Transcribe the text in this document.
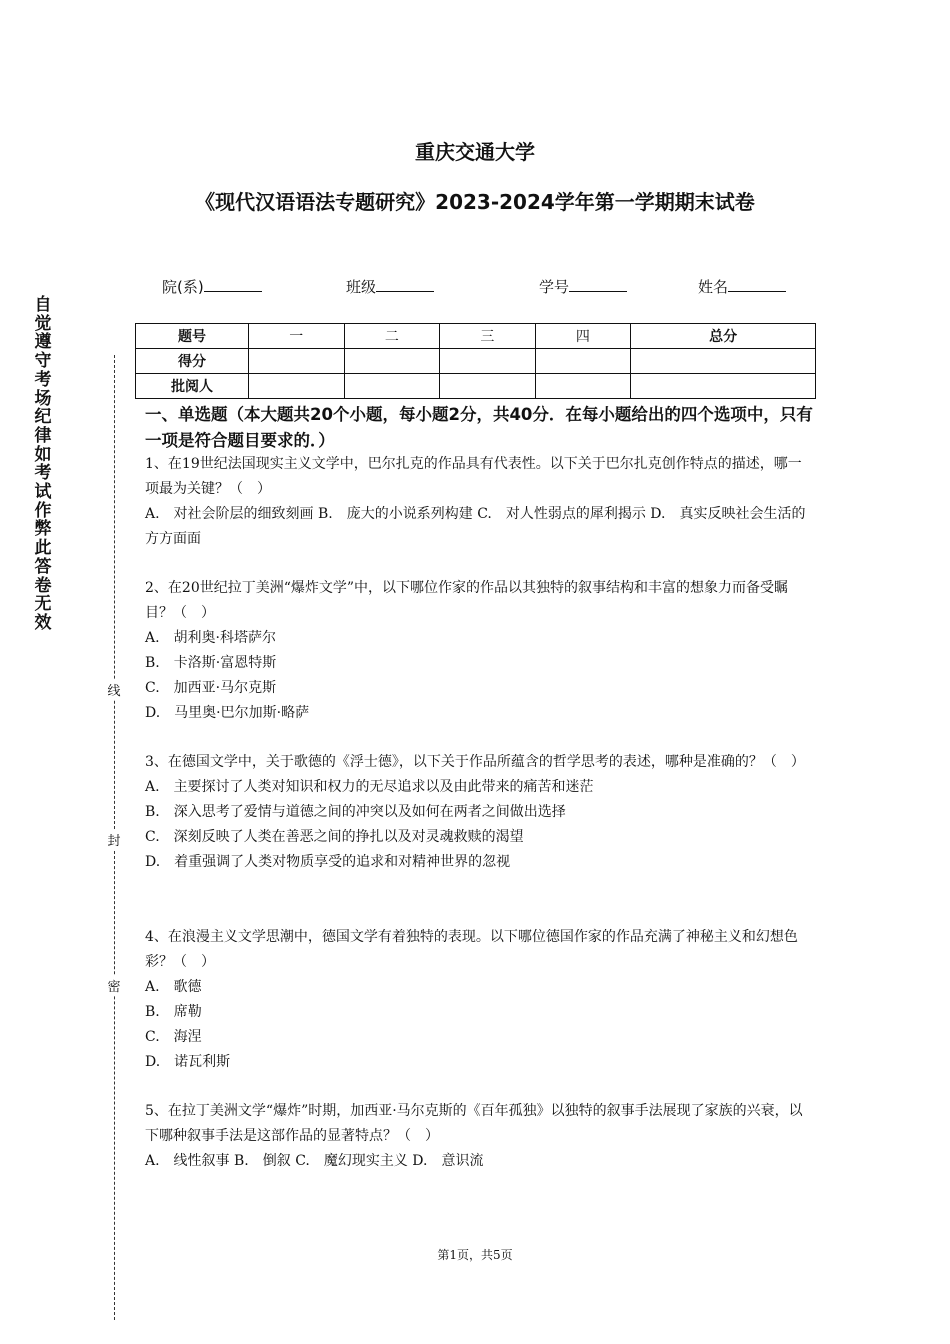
重庆交通大学
《现代汉语语法专题研究》2023-2024学年第一学期期末试卷
院(系)	班级	学号	姓名
题号	一	二	三	四	总分
得分					
批阅人					
自觉遵守考场纪律如考试作弊此答卷无效
线
封
密
一、单选题（本大题共20个小题，每小题2分，共40分．在每小题给出的四个选项中，只有一项是符合题目要求的．）

1、在19世纪法国现实主义文学中，巴尔扎克的作品具有代表性。以下关于巴尔扎克创作特点的描述，哪一项最为关键？（　）

A.　对社会阶层的细致刻画 B.　庞大的小说系列构建 C.　对人性弱点的犀利揭示 D.　真实反映社会生活的方方面面

2、在20世纪拉丁美洲“爆炸文学”中，以下哪位作家的作品以其独特的叙事结构和丰富的想象力而备受瞩目？（　）

A.　胡利奥·科塔萨尔

B.　卡洛斯·富恩特斯

C.　加西亚·马尔克斯

D.　马里奥·巴尔加斯·略萨

3、在德国文学中，关于歌德的《浮士德》，以下关于作品所蕴含的哲学思考的表述，哪种是准确的？（　）

A.　主要探讨了人类对知识和权力的无尽追求以及由此带来的痛苦和迷茫

B.　深入思考了爱情与道德之间的冲突以及如何在两者之间做出选择

C.　深刻反映了人类在善恶之间的挣扎以及对灵魂救赎的渴望

D.　着重强调了人类对物质享受的追求和对精神世界的忽视

4、在浪漫主义文学思潮中，德国文学有着独特的表现。以下哪位德国作家的作品充满了神秘主义和幻想色彩？（　）

A.　歌德

B.　席勒

C.　海涅

D.　诺瓦利斯

5、在拉丁美洲文学“爆炸”时期，加西亚·马尔克斯的《百年孤独》以独特的叙事手法展现了家族的兴衰，以下哪种叙事手法是这部作品的显著特点？（　）

A.　线性叙事 B.　倒叙 C.　魔幻现实主义 D.　意识流

第1页，共5页
